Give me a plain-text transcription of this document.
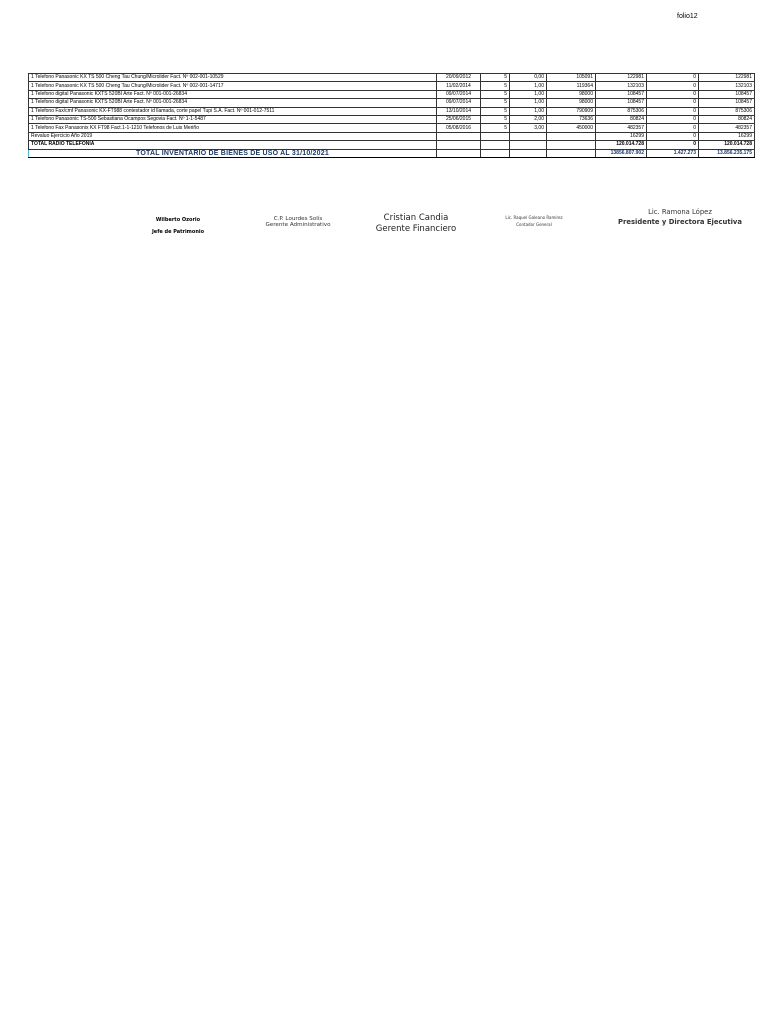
folio12
1 Telefono Panasonic KX TS 500 Cheng Tau Chung/Microlider Fact. Nº 002-001-10529	20/09/2012	5	0,00	105091	122981	0	122981
1 Telefono Panasonic KX TS 500 Cheng Tau Chung/Microlider Fact. Nº 002-001-14717	11/02/2014	5	1,00	119364	132103	0	132103
1 Telefono digital Panasonic KXTS 520BI Arte Fact. Nº 001-001-26834	09/07/2014	5	1,00	98000	108457	0	108457
1 Telefono digital Panasonic KXTS 520BI Arte Fact. Nº 001-001-26834	09/07/2014	5	1,00	98000	108457	0	108457
1 Telefono Fax/cmf Panasonic KX-FT988 contestador id llamada, corte papel Tupi S.A. Fact. Nº 001-012-7511	13/10/2014	5	1,00	790909	875306	0	875306
1 Telefono Panasonic TS-500 Sebastiana Ocampos Segovia Fact. Nº 1-1-5487	25/06/2015	5	2,00	73636	80824	0	80824
1 Telefono Fax Panasonix KX FT98 Fact.1-1-1210 Telefonos de Luis Meriño	05/08/2016	5	3,00	450000	482357	0	482357
Revaluo Ejercicio Año 2019					16299	0	16299
TOTAL RADIO TELEFONIA					120.014.728	0	120.014.728
TOTAL INVENTARIO DE BIENES DE USO AL 31/10/2021					13856.807.902	1.427.273	13.856.235.175
Wilberto Ozorio
Jefe de Patrimonio
C.P. Lourdes Solís
Gerente Administrativo
Cristian Candia
Gerente Financiero
Lic. Raquel Galeano Ramírez
Contador General
Lic. Ramona López
Presidente y Directora Ejecutiva
